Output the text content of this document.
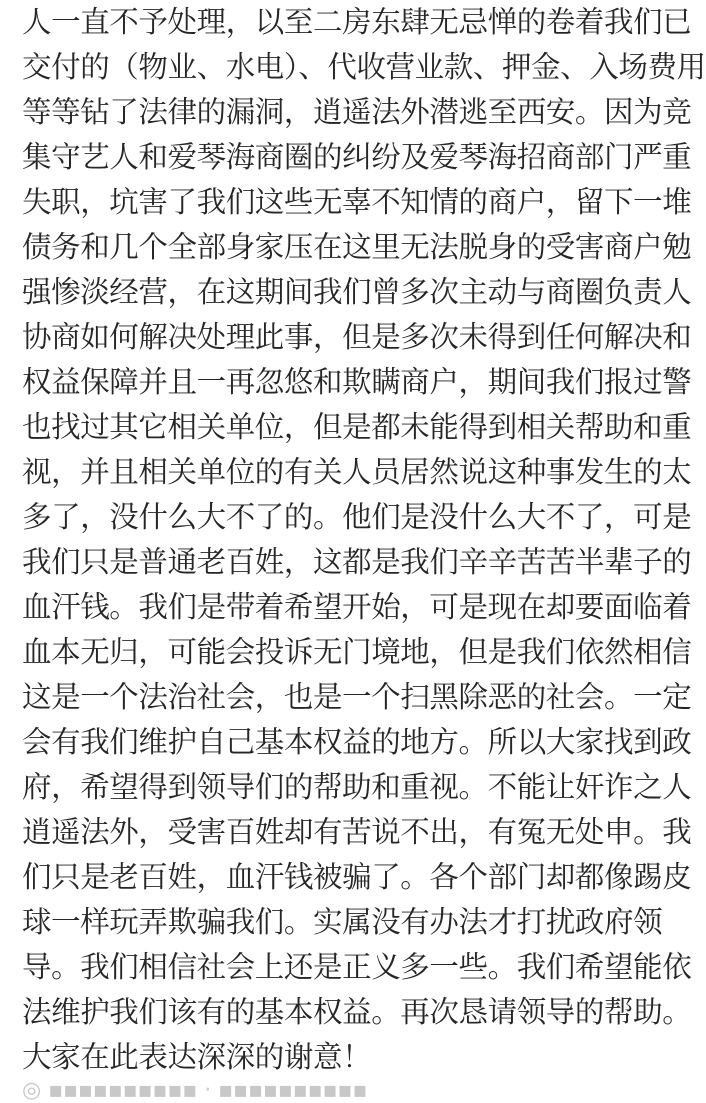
人一直不予处理，以至二房东肆无忌惮的卷着我们已
交付的（物业、水电）、代收营业款、押金、入场费用
等等钻了法律的漏洞，逍遥法外潜逃至西安。因为竞
集守艺人和爱琴海商圈的纠纷及爱琴海招商部门严重
失职，坑害了我们这些无辜不知情的商户，留下一堆
债务和几个全部身家压在这里无法脱身的受害商户勉
强惨淡经营，在这期间我们曾多次主动与商圈负责人
协商如何解决处理此事，但是多次未得到任何解决和
权益保障并且一再忽悠和欺瞒商户，期间我们报过警
也找过其它相关单位，但是都未能得到相关帮助和重
视，并且相关单位的有关人员居然说这种事发生的太
多了，没什么大不了的。他们是没什么大不了，可是
我们只是普通老百姓，这都是我们辛辛苦苦半辈子的
血汗钱。我们是带着希望开始，可是现在却要面临着
血本无归，可能会投诉无门境地，但是我们依然相信
这是一个法治社会，也是一个扫黑除恶的社会。一定
会有我们维护自己基本权益的地方。所以大家找到政
府，希望得到领导们的帮助和重视。不能让奸诈之人
逍遥法外，受害百姓却有苦说不出，有冤无处申。我
们只是老百姓，血汗钱被骗了。各个部门却都像踢皮
球一样玩弄欺骗我们。实属没有办法才打扰政府领
导。我们相信社会上还是正义多一些。我们希望能依
法维护我们该有的基本权益。再次恳请领导的帮助。
大家在此表达深深的谢意！
◎ ▪▪▪▪▪▪▪▪▪▪ · ▪▪▪▪▪▪▪▪▪▪
